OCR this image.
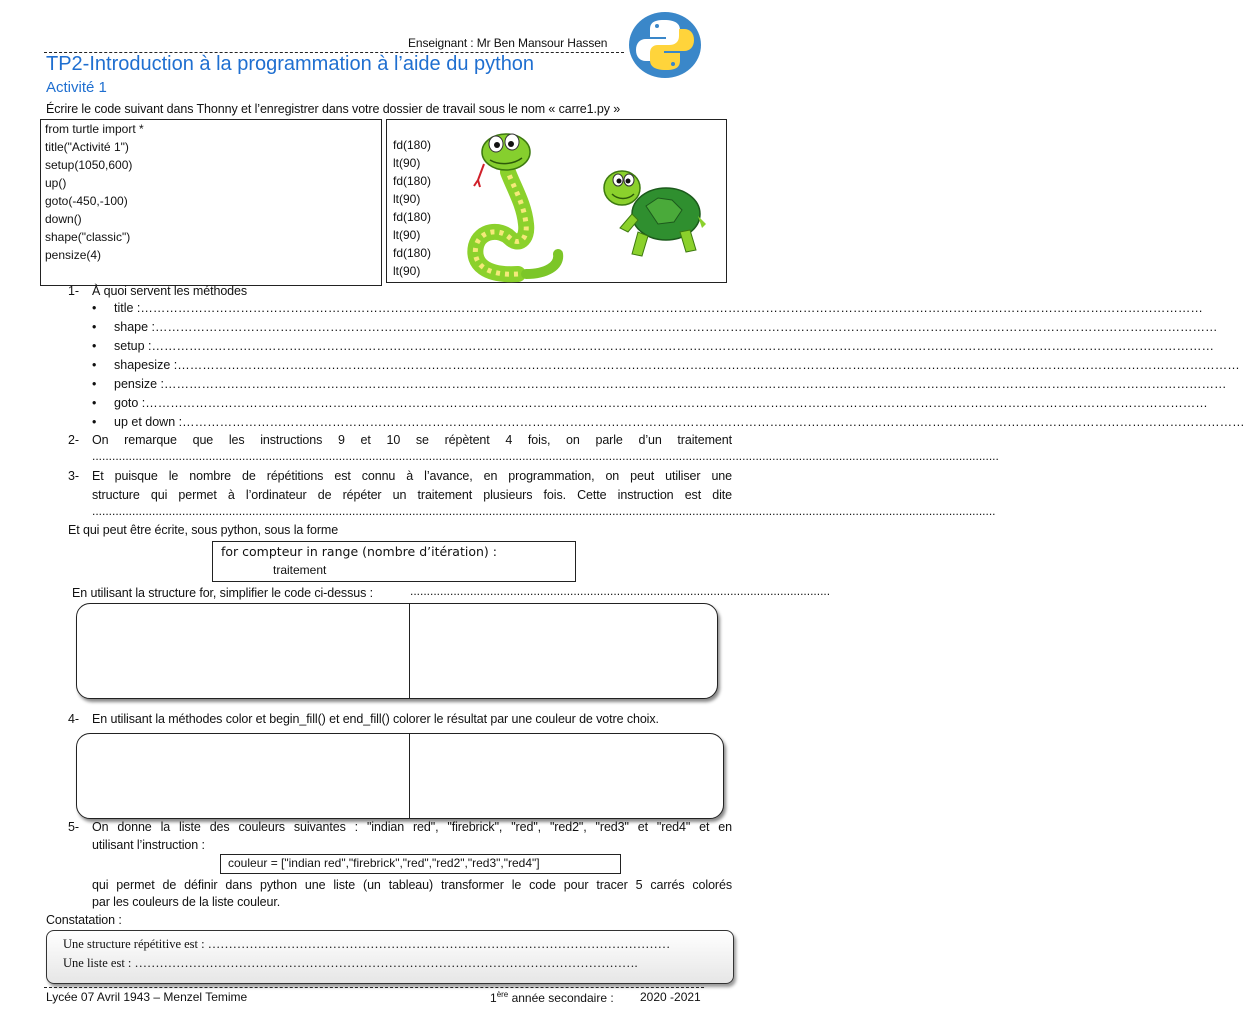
Enseignant : Mr Ben Mansour Hassen
TP2-Introduction à la programmation à l’aide du python
Activité 1
Écrire le code suivant dans Thonny et l’enregistrer dans votre dossier de travail sous le nom « carre1.py »
from turtle import *
title("Activité 1")
setup(1050,600)
up()
goto(-450,-100)
down()
shape("classic")
pensize(4)
fd(180)
lt(90)
fd(180)
lt(90)
fd(180)
lt(90)
fd(180)
lt(90)
1- À quoi servent les méthodes
• title :…………………………………………………………………………………………………………………………………………………………………………………………………………………………………
• shape :…………………………………………………………………………………………………………………………………………………………………………………………………………………………………
• setup :…………………………………………………………………………………………………………………………………………………………………………………………………………………………………
• shapesize :…………………………………………………………………………………………………………………………………………………………………………………………………………………………………
• pensize :…………………………………………………………………………………………………………………………………………………………………………………………………………………………………
• goto :…………………………………………………………………………………………………………………………………………………………………………………………………………………………………
• up et down :…………………………………………………………………………………………………………………………………………………………………………………………………………………………………
2- On remarque que les instructions 9 et 10 se répètent 4 fois, on parle d’un traitement
................................................................................................................................................................................................................................................................................
3- Et puisque le nombre de répétitions est connu à l’avance, en programmation, on peut utiliser une
structure qui permet à l’ordinateur de répéter un traitement plusieurs fois. Cette instruction est dite
...............................................................................................................................................................................................................................................................................
Et qui peut être écrite, sous python, sous la forme
for compteur in range (nombre d’itération) :
traitement
En utilisant la structure for, simplifier le code ci-dessus :	..............................................................................................................................
4- En utilisant la méthodes color et begin_fill() et end_fill() colorer le résultat par une couleur de votre choix.
5- On donne la liste des couleurs suivantes : "indian red", "firebrick", "red", "red2", "red3" et "red4" et en
utilisant l’instruction :
couleur = ["indian red","firebrick","red","red2","red3","red4"]
qui permet de définir dans python une liste (un tableau) transformer le code pour tracer 5 carrés colorés
par les couleurs de la liste couleur.
Constatation :
Une structure répétitive est : …………………………………………………………………………………………………
Une liste est : ………………………………………………………………………………………………………….
Lycée 07 Avril 1943 – Menzel Temime	1ère année secondaire : 2020 -2021
